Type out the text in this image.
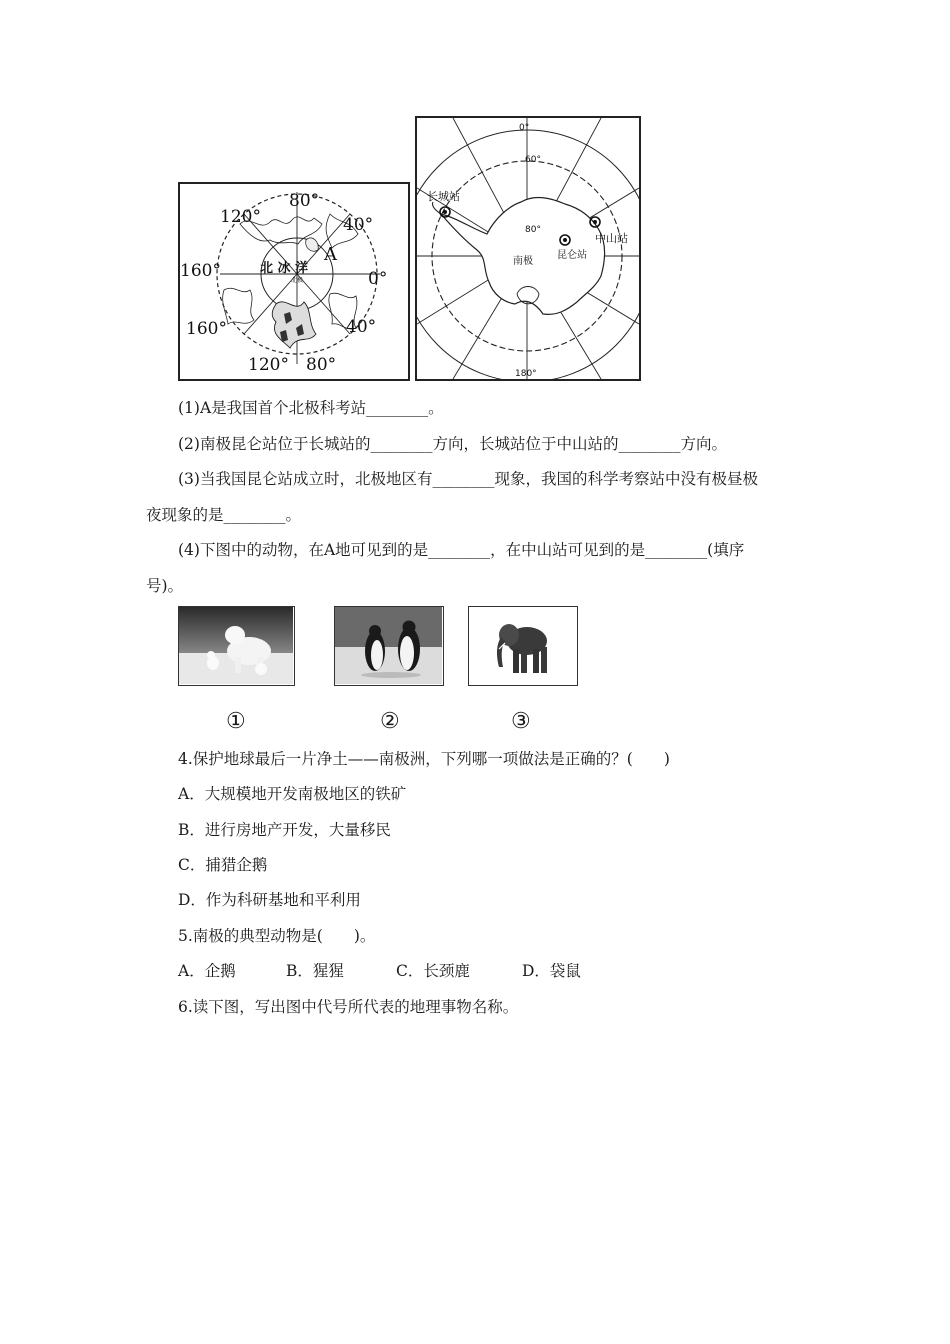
80°
40°
0°
40°
80°
120°
160°
160°
120°
北 冰 洋
北极
A
0°
60°
80°
180°
南极
长城站
昆仑站
中山站
(1)A是我国首个北极科考站________。
(2)南极昆仑站位于长城站的________方向，长城站位于中山站的________方向。
(3)当我国昆仑站成立时，北极地区有________现象，我国的科学考察站中没有极昼极
夜现象的是________。
(4)下图中的动物，在A地可见到的是________，在中山站可见到的是________(填序
号)。
①	②	③
4.保护地球最后一片净土——南极洲，下列哪一项做法是正确的？(　　)
A．大规模地开发南极地区的铁矿
B．进行房地产开发，大量移民
C．捕猎企鹅
D．作为科研基地和平利用
5.南极的典型动物是(　　)。
A．企鹅	B．猩猩	C．长颈鹿	D．袋鼠
6.读下图，写出图中代号所代表的地理事物名称。
